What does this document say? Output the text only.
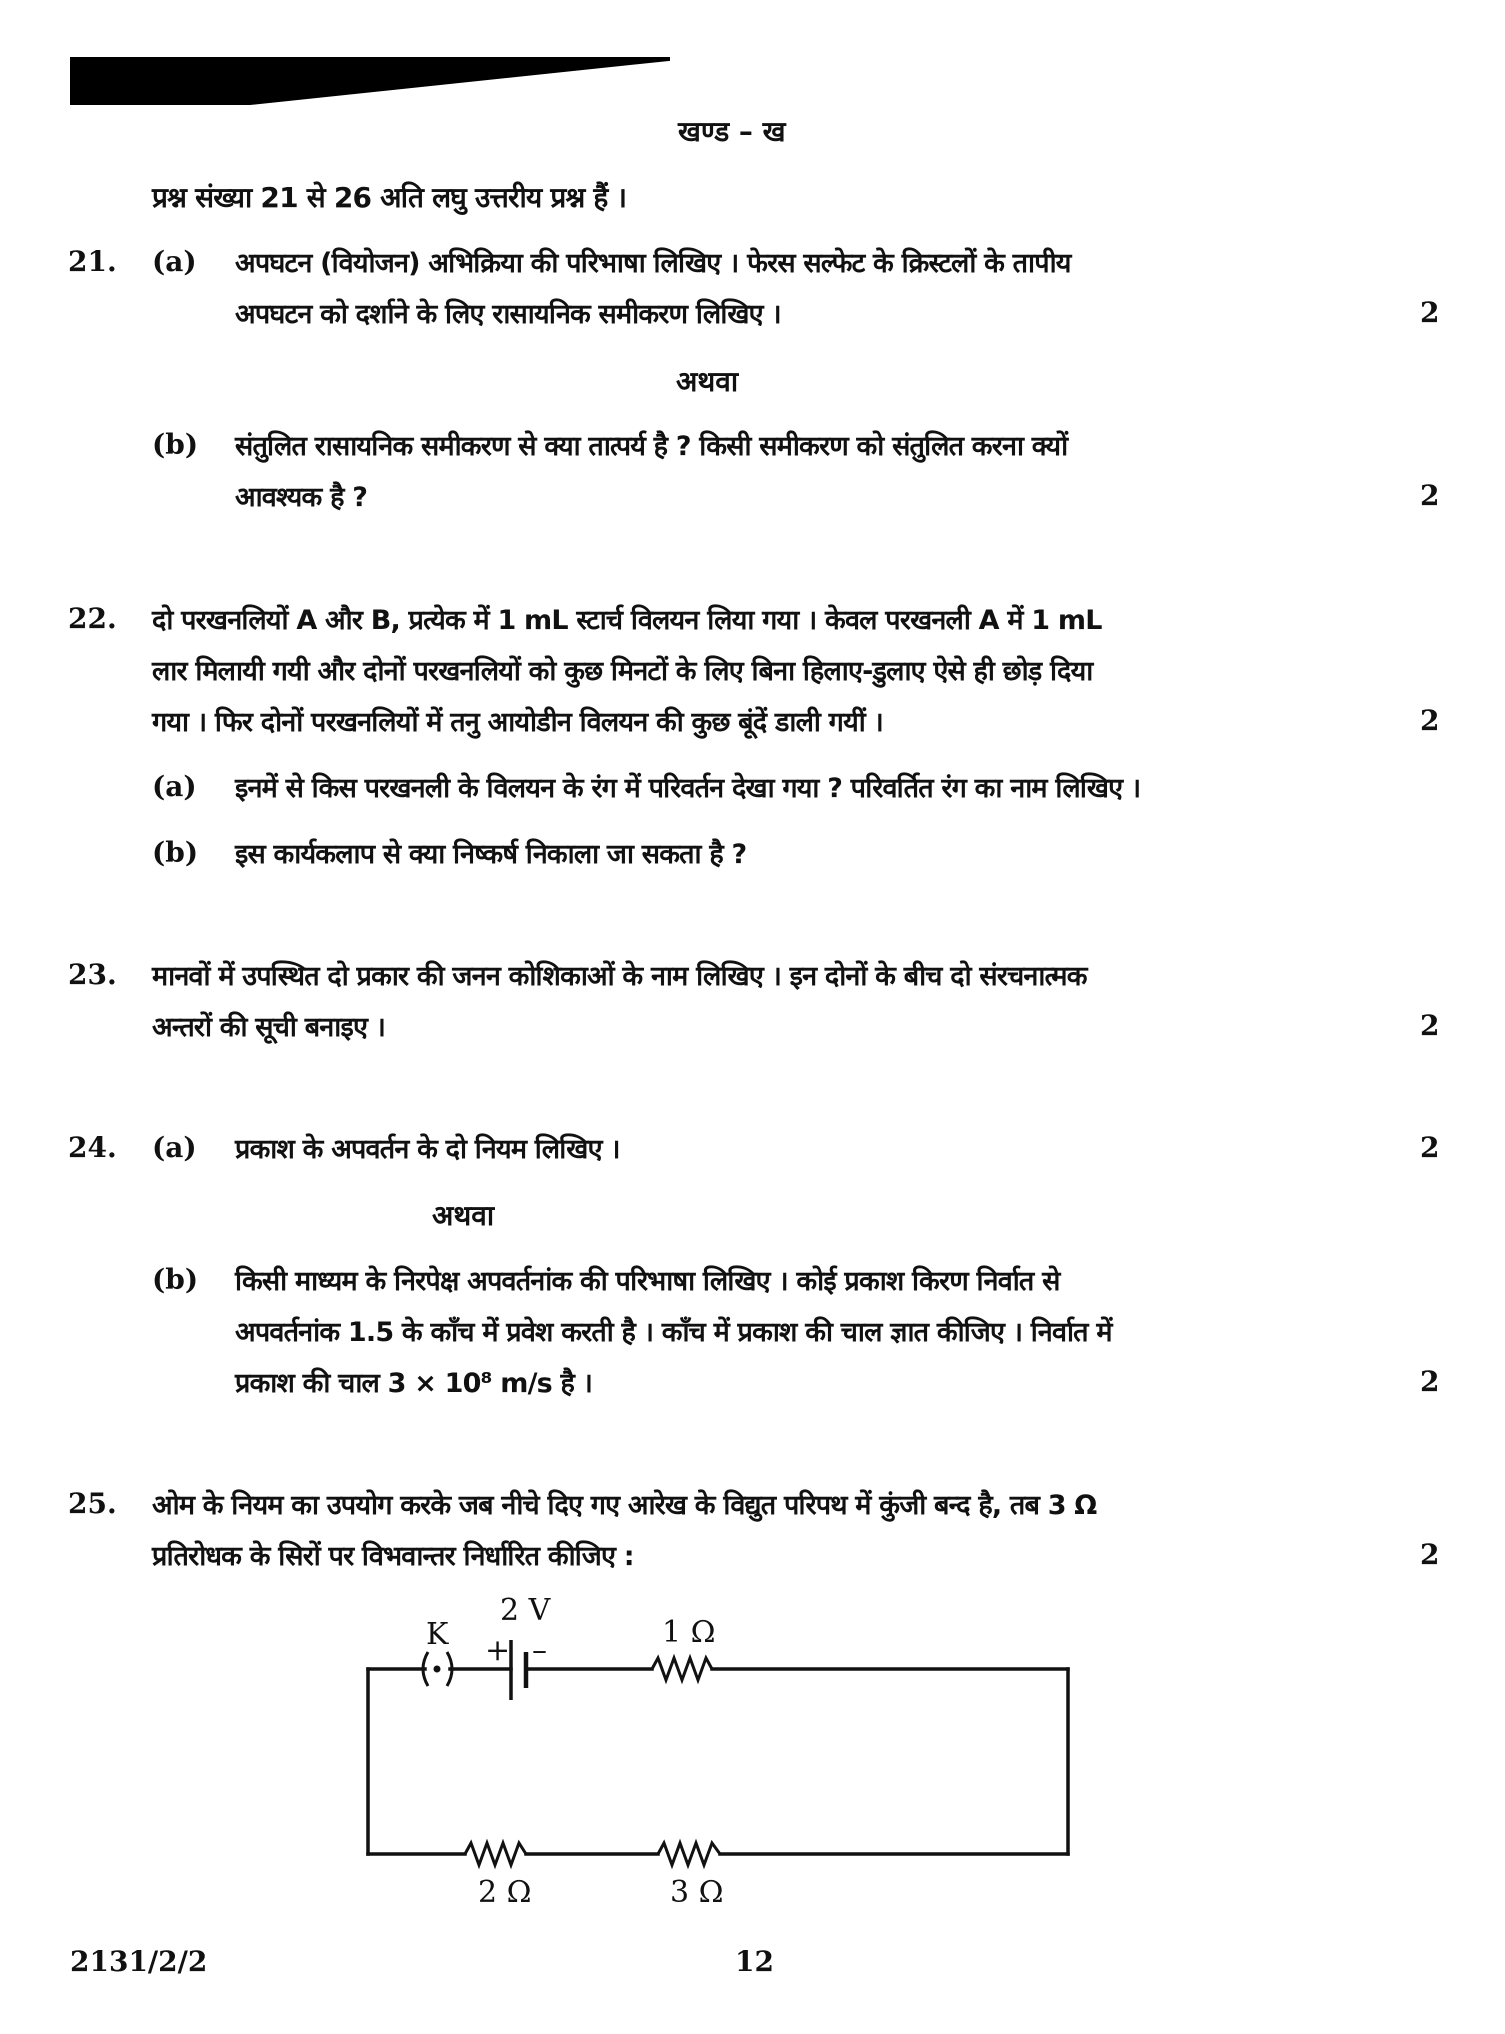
खण्ड – ख
प्रश्न संख्या 21 से 26 अति लघु उत्तरीय प्रश्न हैं ।
21. (a) अपघटन (वियोजन) अभिक्रिया की परिभाषा लिखिए । फेरस सल्फेट के क्रिस्टलों के तापीय
अपघटन को दर्शाने के लिए रासायनिक समीकरण लिखिए ।	2
अथवा
(b) संतुलित रासायनिक समीकरण से क्या तात्पर्य है ? किसी समीकरण को संतुलित करना क्यों
आवश्यक है ?	2
22. दो परखनलियों A और B, प्रत्येक में 1 mL स्टार्च विलयन लिया गया । केवल परखनली A में 1 mL
लार मिलायी गयी और दोनों परखनलियों को कुछ मिनटों के लिए बिना हिलाए-डुलाए ऐसे ही छोड़ दिया
गया । फिर दोनों परखनलियों में तनु आयोडीन विलयन की कुछ बूंदें डाली गयीं ।	2
(a) इनमें से किस परखनली के विलयन के रंग में परिवर्तन देखा गया ? परिवर्तित रंग का नाम लिखिए ।
(b) इस कार्यकलाप से क्या निष्कर्ष निकाला जा सकता है ?
23. मानवों में उपस्थित दो प्रकार की जनन कोशिकाओं के नाम लिखिए । इन दोनों के बीच दो संरचनात्मक
अन्तरों की सूची बनाइए ।	2
24. (a) प्रकाश के अपवर्तन के दो नियम लिखिए ।	2
अथवा
(b) किसी माध्यम के निरपेक्ष अपवर्तनांक की परिभाषा लिखिए । कोई प्रकाश किरण निर्वात से
अपवर्तनांक 1.5 के काँच में प्रवेश करती है । काँच में प्रकाश की चाल ज्ञात कीजिए । निर्वात में
प्रकाश की चाल 3 × 10⁸ m/s है ।	2
25. ओम के नियम का उपयोग करके जब नीचे दिए गए आरेख के विद्युत परिपथ में कुंजी बन्द है, तब 3 Ω
प्रतिरोधक के सिरों पर विभवान्तर निर्धारित कीजिए :	2
K
2 V
+ –
1 Ω
2 Ω	3 Ω
2131/2/2	12
